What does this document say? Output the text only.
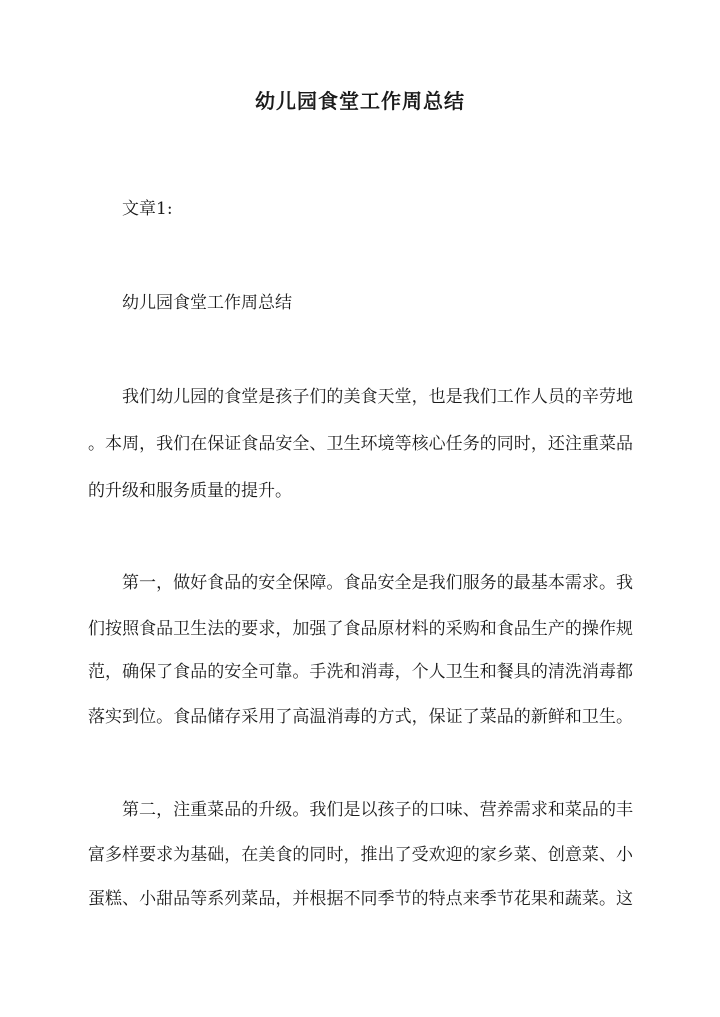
幼儿园食堂工作周总结
文章1:
幼儿园食堂工作周总结
我们幼儿园的食堂是孩子们的美食天堂，也是我们工作人员的辛劳地
。本周，我们在保证食品安全、卫生环境等核心任务的同时，还注重菜品
的升级和服务质量的提升。
第一，做好食品的安全保障。食品安全是我们服务的最基本需求。我
们按照食品卫生法的要求，加强了食品原材料的采购和食品生产的操作规
范，确保了食品的安全可靠。手洗和消毒，个人卫生和餐具的清洗消毒都
落实到位。食品储存采用了高温消毒的方式，保证了菜品的新鲜和卫生。
第二，注重菜品的升级。我们是以孩子的口味、营养需求和菜品的丰
富多样要求为基础，在美食的同时，推出了受欢迎的家乡菜、创意菜、小
蛋糕、小甜品等系列菜品，并根据不同季节的特点来季节花果和蔬菜。这
